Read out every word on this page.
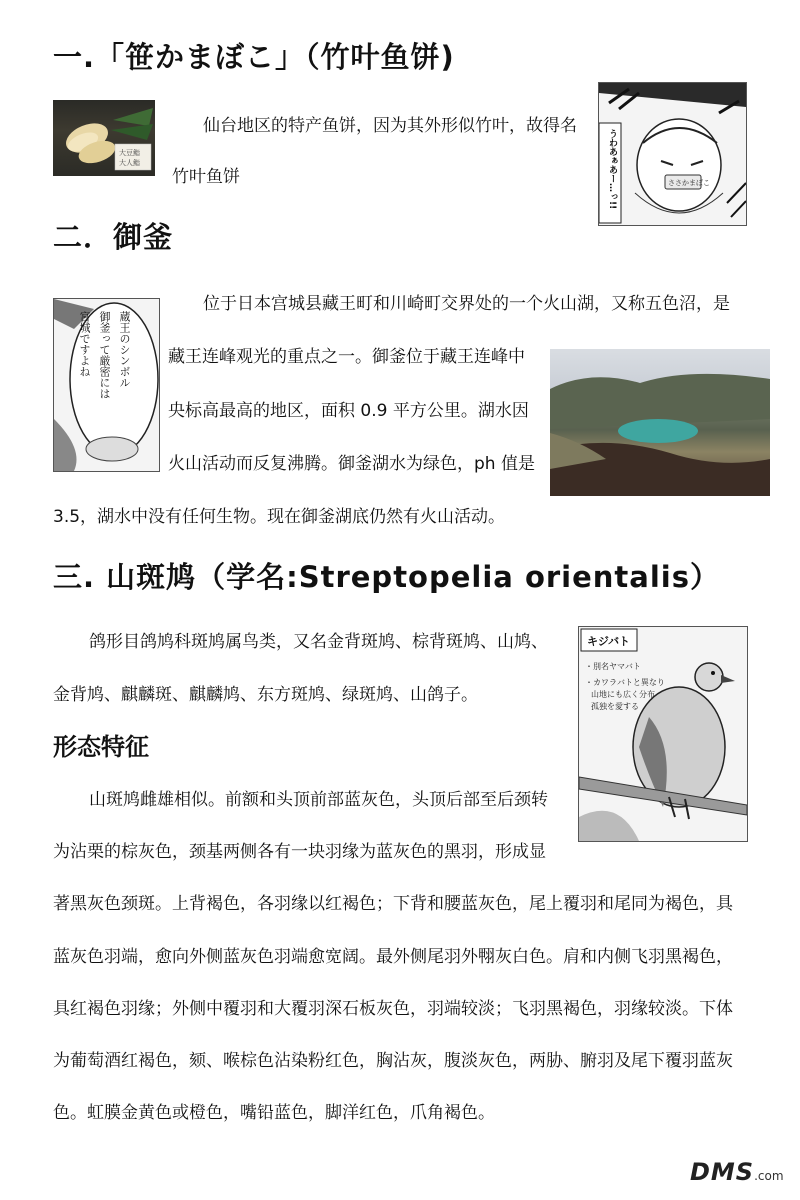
一.「笹かまぼこ」（竹叶鱼饼)
大豆鮨
大人鮨
仙台地区的特产鱼饼，因为其外形似竹叶，故得名
竹叶鱼饼	うわあぁあー…っ!!	ささかまぼこ
二．御釜
蔵王のシンボル
御釜って厳密には
宮城ですよね
位于日本宫城县藏王町和川崎町交界处的一个火山湖，又称五色沼，是
藏王连峰观光的重点之一。御釜位于藏王连峰中
央标高最高的地区，面积 0.9 平方公里。湖水因
火山活动而反复沸腾。御釜湖水为绿色，ph 值是
3.5，湖水中没有任何生物。现在御釜湖底仍然有火山活动。
三. 山斑鸠（学名:Streptopelia orientalis）
鸽形目鸽鸠科斑鸠属鸟类，又名金背斑鸠、棕背斑鸠、山鸠、
金背鸠、麒麟斑、麒麟鸠、东方斑鸠、绿斑鸠、山鸽子。
形态特征
山斑鸠雌雄相似。前额和头顶前部蓝灰色，头顶后部至后颈转
为沾栗的棕灰色，颈基两侧各有一块羽缘为蓝灰色的黑羽，形成显
著黑灰色颈斑。上背褐色，各羽缘以红褐色；下背和腰蓝灰色，尾上覆羽和尾同为褐色，具
蓝灰色羽端，愈向外侧蓝灰色羽端愈宽阔。最外侧尾羽外翈灰白色。肩和内侧飞羽黑褐色，
具红褐色羽缘；外侧中覆羽和大覆羽深石板灰色，羽端较淡；飞羽黑褐色，羽缘较淡。下体
为葡萄酒红褐色，颏、喉棕色沾染粉红色，胸沾灰，腹淡灰色，两胁、腑羽及尾下覆羽蓝灰
色。虹膜金黄色或橙色，嘴铅蓝色，脚洋红色，爪角褐色。
キジバト
・別名ヤマバト
・カワラバトと異なり
山地にも広く分布
孤独を愛する
DMS.com
